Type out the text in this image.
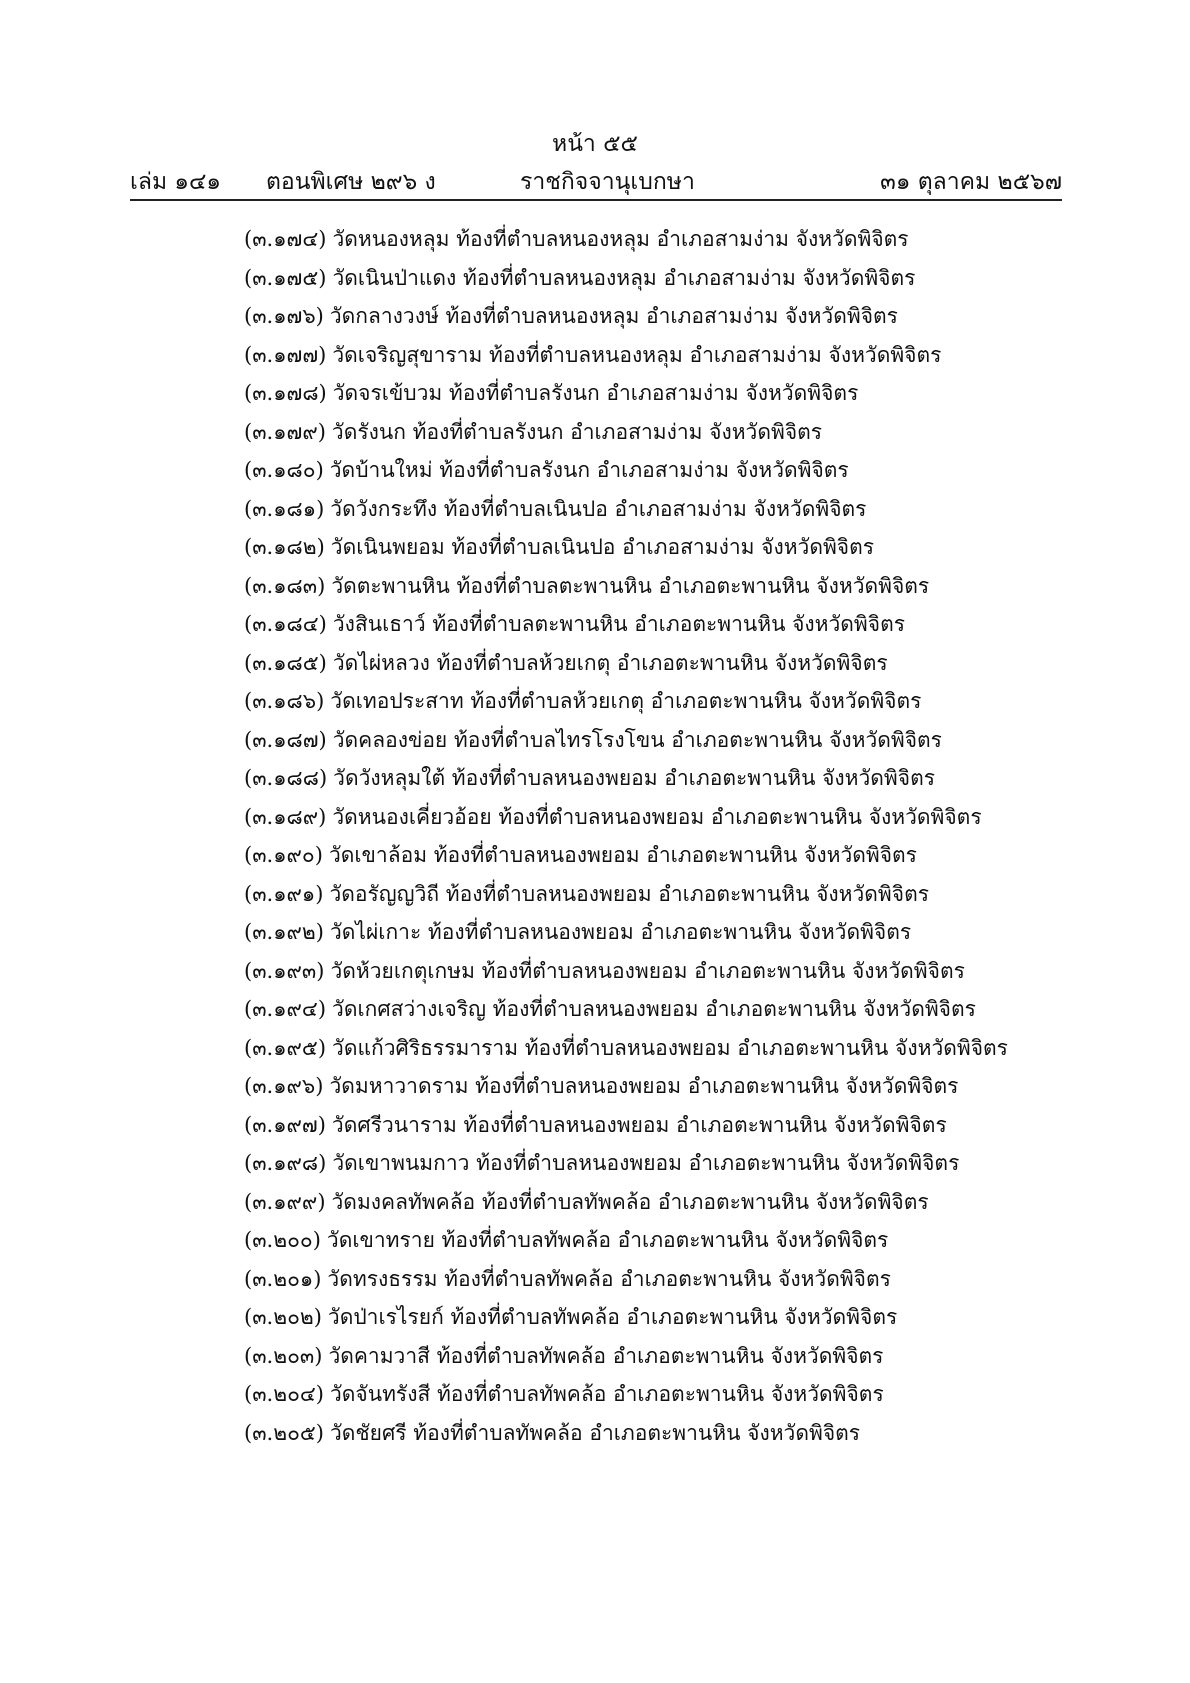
หน้า ๕๕
เล่ม ๑๔๑ ตอนพิเศษ ๒๙๖ ง	ราชกิจจานุเบกษา	๓๑ ตุลาคม ๒๕๖๗
(๓.๑๗๔) วัดหนองหลุม ท้องที่ตำบลหนองหลุม อำเภอสามง่าม จังหวัดพิจิตร
(๓.๑๗๕) วัดเนินป่าแดง ท้องที่ตำบลหนองหลุม อำเภอสามง่าม จังหวัดพิจิตร
(๓.๑๗๖) วัดกลางวงษ์ ท้องที่ตำบลหนองหลุม อำเภอสามง่าม จังหวัดพิจิตร
(๓.๑๗๗) วัดเจริญสุขาราม ท้องที่ตำบลหนองหลุม อำเภอสามง่าม จังหวัดพิจิตร
(๓.๑๗๘) วัดจรเข้บวม ท้องที่ตำบลรังนก อำเภอสามง่าม จังหวัดพิจิตร
(๓.๑๗๙) วัดรังนก ท้องที่ตำบลรังนก อำเภอสามง่าม จังหวัดพิจิตร
(๓.๑๘๐) วัดบ้านใหม่ ท้องที่ตำบลรังนก อำเภอสามง่าม จังหวัดพิจิตร
(๓.๑๘๑) วัดวังกระทึง ท้องที่ตำบลเนินปอ อำเภอสามง่าม จังหวัดพิจิตร
(๓.๑๘๒) วัดเนินพยอม ท้องที่ตำบลเนินปอ อำเภอสามง่าม จังหวัดพิจิตร
(๓.๑๘๓) วัดตะพานหิน ท้องที่ตำบลตะพานหิน อำเภอตะพานหิน จังหวัดพิจิตร
(๓.๑๘๔) วังสินเธาว์ ท้องที่ตำบลตะพานหิน อำเภอตะพานหิน จังหวัดพิจิตร
(๓.๑๘๕) วัดไผ่หลวง ท้องที่ตำบลห้วยเกตุ อำเภอตะพานหิน จังหวัดพิจิตร
(๓.๑๘๖) วัดเทอประสาท ท้องที่ตำบลห้วยเกตุ อำเภอตะพานหิน จังหวัดพิจิตร
(๓.๑๘๗) วัดคลองข่อย ท้องที่ตำบลไทรโรงโขน อำเภอตะพานหิน จังหวัดพิจิตร
(๓.๑๘๘) วัดวังหลุมใต้ ท้องที่ตำบลหนองพยอม อำเภอตะพานหิน จังหวัดพิจิตร
(๓.๑๘๙) วัดหนองเคี่ยวอ้อย ท้องที่ตำบลหนองพยอม อำเภอตะพานหิน จังหวัดพิจิตร
(๓.๑๙๐) วัดเขาล้อม ท้องที่ตำบลหนองพยอม อำเภอตะพานหิน จังหวัดพิจิตร
(๓.๑๙๑) วัดอรัญญวิถี ท้องที่ตำบลหนองพยอม อำเภอตะพานหิน จังหวัดพิจิตร
(๓.๑๙๒) วัดไผ่เกาะ ท้องที่ตำบลหนองพยอม อำเภอตะพานหิน จังหวัดพิจิตร
(๓.๑๙๓) วัดห้วยเกตุเกษม ท้องที่ตำบลหนองพยอม อำเภอตะพานหิน จังหวัดพิจิตร
(๓.๑๙๔) วัดเกศสว่างเจริญ ท้องที่ตำบลหนองพยอม อำเภอตะพานหิน จังหวัดพิจิตร
(๓.๑๙๕) วัดแก้วศิริธรรมาราม ท้องที่ตำบลหนองพยอม อำเภอตะพานหิน จังหวัดพิจิตร
(๓.๑๙๖) วัดมหาวาดราม ท้องที่ตำบลหนองพยอม อำเภอตะพานหิน จังหวัดพิจิตร
(๓.๑๙๗) วัดศรีวนาราม ท้องที่ตำบลหนองพยอม อำเภอตะพานหิน จังหวัดพิจิตร
(๓.๑๙๘) วัดเขาพนมกาว ท้องที่ตำบลหนองพยอม อำเภอตะพานหิน จังหวัดพิจิตร
(๓.๑๙๙) วัดมงคลทัพคล้อ ท้องที่ตำบลทัพคล้อ อำเภอตะพานหิน จังหวัดพิจิตร
(๓.๒๐๐) วัดเขาทราย ท้องที่ตำบลทัพคล้อ อำเภอตะพานหิน จังหวัดพิจิตร
(๓.๒๐๑) วัดทรงธรรม ท้องที่ตำบลทัพคล้อ อำเภอตะพานหิน จังหวัดพิจิตร
(๓.๒๐๒) วัดป่าเรไรยก์ ท้องที่ตำบลทัพคล้อ อำเภอตะพานหิน จังหวัดพิจิตร
(๓.๒๐๓) วัดคามวาสี ท้องที่ตำบลทัพคล้อ อำเภอตะพานหิน จังหวัดพิจิตร
(๓.๒๐๔) วัดจันทรังสี ท้องที่ตำบลทัพคล้อ อำเภอตะพานหิน จังหวัดพิจิตร
(๓.๒๐๕) วัดชัยศรี ท้องที่ตำบลทัพคล้อ อำเภอตะพานหิน จังหวัดพิจิตร
